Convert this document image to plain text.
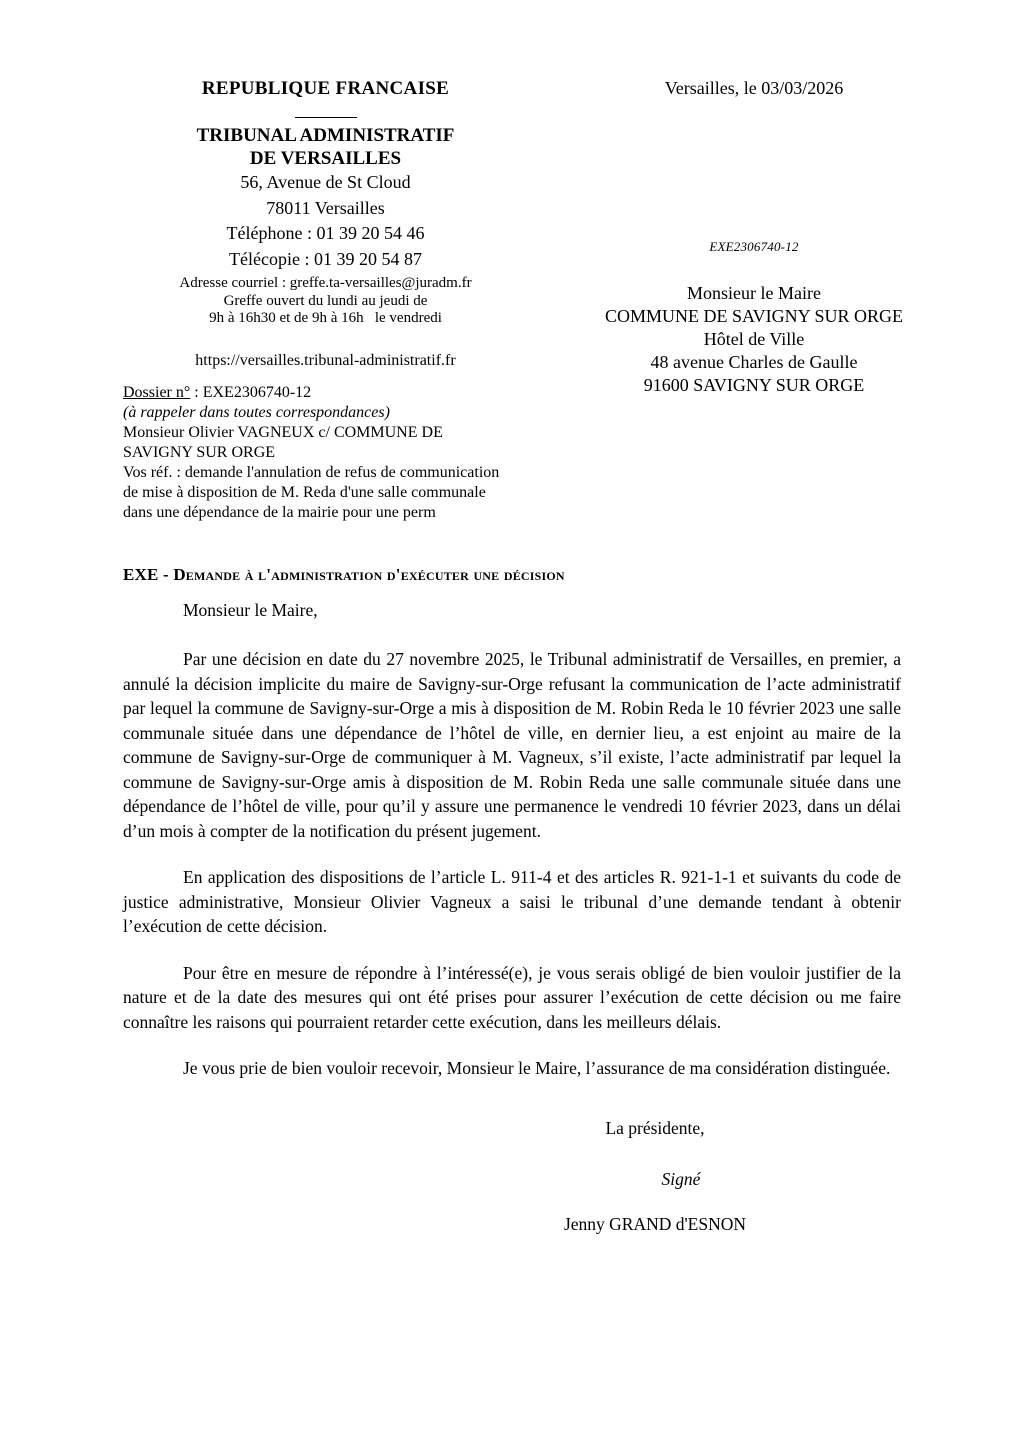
REPUBLIQUE FRANCAISE
TRIBUNAL ADMINISTRATIF
DE VERSAILLES
56, Avenue de St Cloud
78011 Versailles
Téléphone : 01 39 20 54 46
Télécopie : 01 39 20 54 87
Adresse courriel : greffe.ta-versailles@juradm.fr
Greffe ouvert du lundi au jeudi de
9h à 16h30 et de 9h à 16h   le vendredi
https://versailles.tribunal-administratif.fr
Dossier n° : EXE2306740-12
(à rappeler dans toutes correspondances)
Monsieur Olivier VAGNEUX c/ COMMUNE DE SAVIGNY SUR ORGE
Vos réf. : demande l'annulation de refus de communication de mise à disposition de M. Reda d'une salle communale dans une dépendance de la mairie pour une perm
Versailles, le 03/03/2026
EXE2306740-12
Monsieur le Maire
COMMUNE DE SAVIGNY SUR ORGE
Hôtel de Ville
48 avenue Charles de Gaulle
91600 SAVIGNY SUR ORGE
EXE - Demande à l'administration d'exécuter une décision
Monsieur le Maire,

Par une décision en date du 27 novembre 2025, le Tribunal administratif de Versailles, en premier, a annulé la décision implicite du maire de Savigny-sur-Orge refusant la communication de l’acte administratif par lequel la commune de Savigny-sur-Orge a mis à disposition de M. Robin Reda le 10 février 2023 une salle communale située dans une dépendance de l’hôtel de ville, en dernier lieu, a est enjoint au maire de la commune de Savigny-sur-Orge de communiquer à M. Vagneux, s’il existe, l’acte administratif par lequel la commune de Savigny-sur-Orge amis à disposition de M. Robin Reda une salle communale située dans une dépendance de l’hôtel de ville, pour qu’il y assure une permanence le vendredi 10 février 2023, dans un délai d’un mois à compter de la notification du présent jugement.

En application des dispositions de l’article L. 911-4 et des articles R. 921-1-1 et suivants du code de justice administrative, Monsieur Olivier Vagneux a saisi le tribunal d’une demande tendant à obtenir l’exécution de cette décision.

Pour être en mesure de répondre à l’intéressé(e), je vous serais obligé de bien vouloir justifier de la nature et de la date des mesures qui ont été prises pour assurer l’exécution de cette décision ou me faire connaître les raisons qui pourraient retarder cette exécution, dans les meilleurs délais.

Je vous prie de bien vouloir recevoir, Monsieur le Maire, l’assurance de ma considération distinguée.

La présidente,
Signé
Jenny GRAND d'ESNON
